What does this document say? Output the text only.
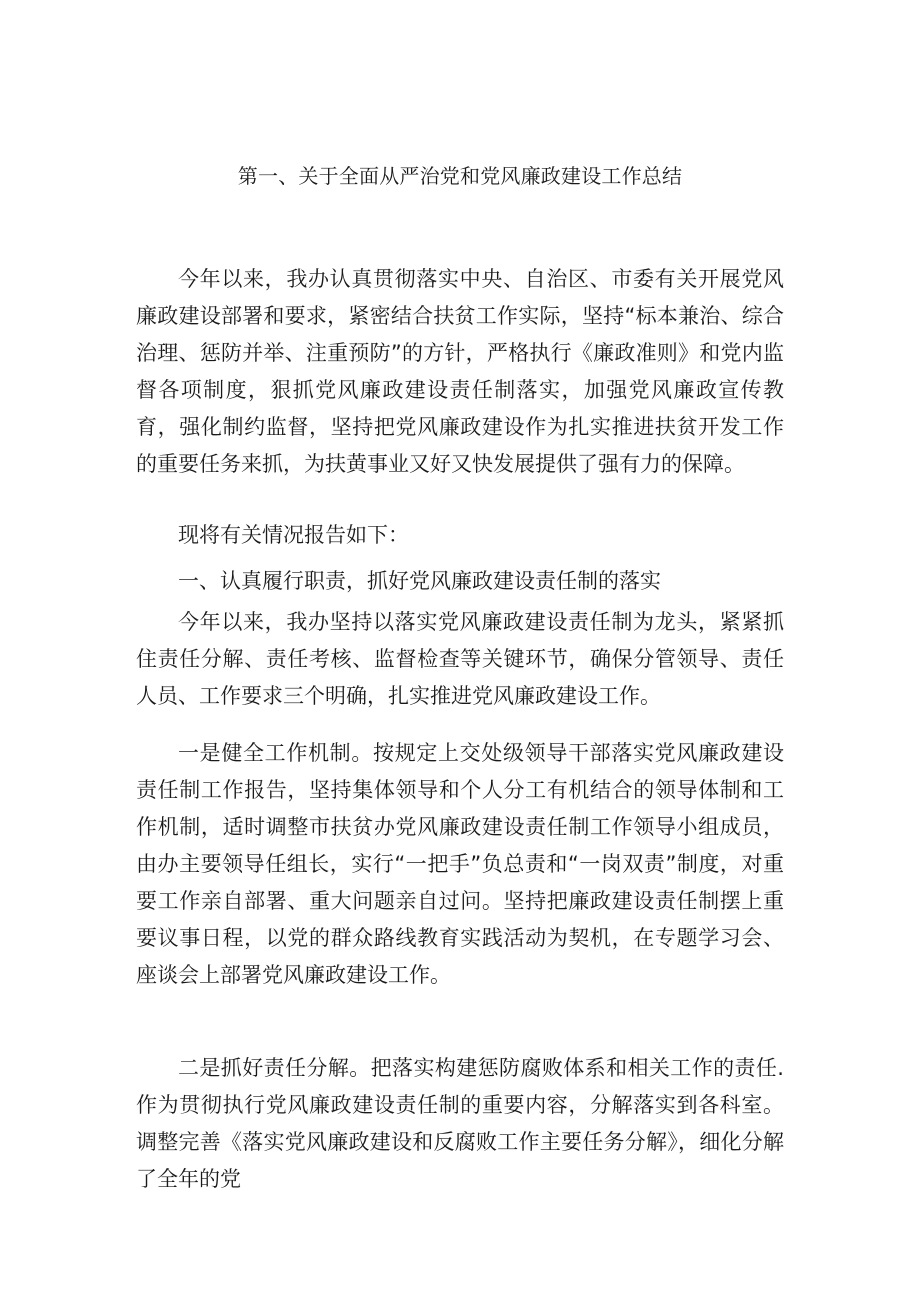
第一、关于全面从严治党和党风廉政建设工作总结

今年以来，我办认真贯彻落实中央、自治区、市委有关开展党风廉政建设部署和要求，紧密结合扶贫工作实际，坚持“标本兼治、综合治理、惩防并举、注重预防”的方针，严格执行《廉政准则》和党内监督各项制度，狠抓党风廉政建设责任制落实，加强党风廉政宣传教育，强化制约监督，坚持把党风廉政建设作为扎实推进扶贫开发工作的重要任务来抓，为扶黄事业又好又快发展提供了强有力的保障。

现将有关情况报告如下：

一、认真履行职责，抓好党风廉政建设责任制的落实

今年以来，我办坚持以落实党风廉政建设责任制为龙头，紧紧抓住责任分解、责任考核、监督检查等关键环节，确保分管领导、责任人员、工作要求三个明确，扎实推进党风廉政建设工作。

一是健全工作机制。按规定上交处级领导干部落实党风廉政建设责任制工作报告，坚持集体领导和个人分工有机结合的领导体制和工作机制，适时调整市扶贫办党风廉政建设责任制工作领导小组成员，由办主要领导任组长，实行“一把手”负总责和“一岗双责”制度，对重要工作亲自部署、重大问题亲自过问。坚持把廉政建设责任制摆上重要议事日程，以党的群众路线教育实践活动为契机，在专题学习会、座谈会上部署党风廉政建设工作。

二是抓好责任分解。把落实构建惩防腐败体系和相关工作的责任.作为贯彻执行党风廉政建设责任制的重要内容，分解落实到各科室。调整完善《落实党风廉政建设和反腐败工作主要任务分解》，细化分解了全年的党
